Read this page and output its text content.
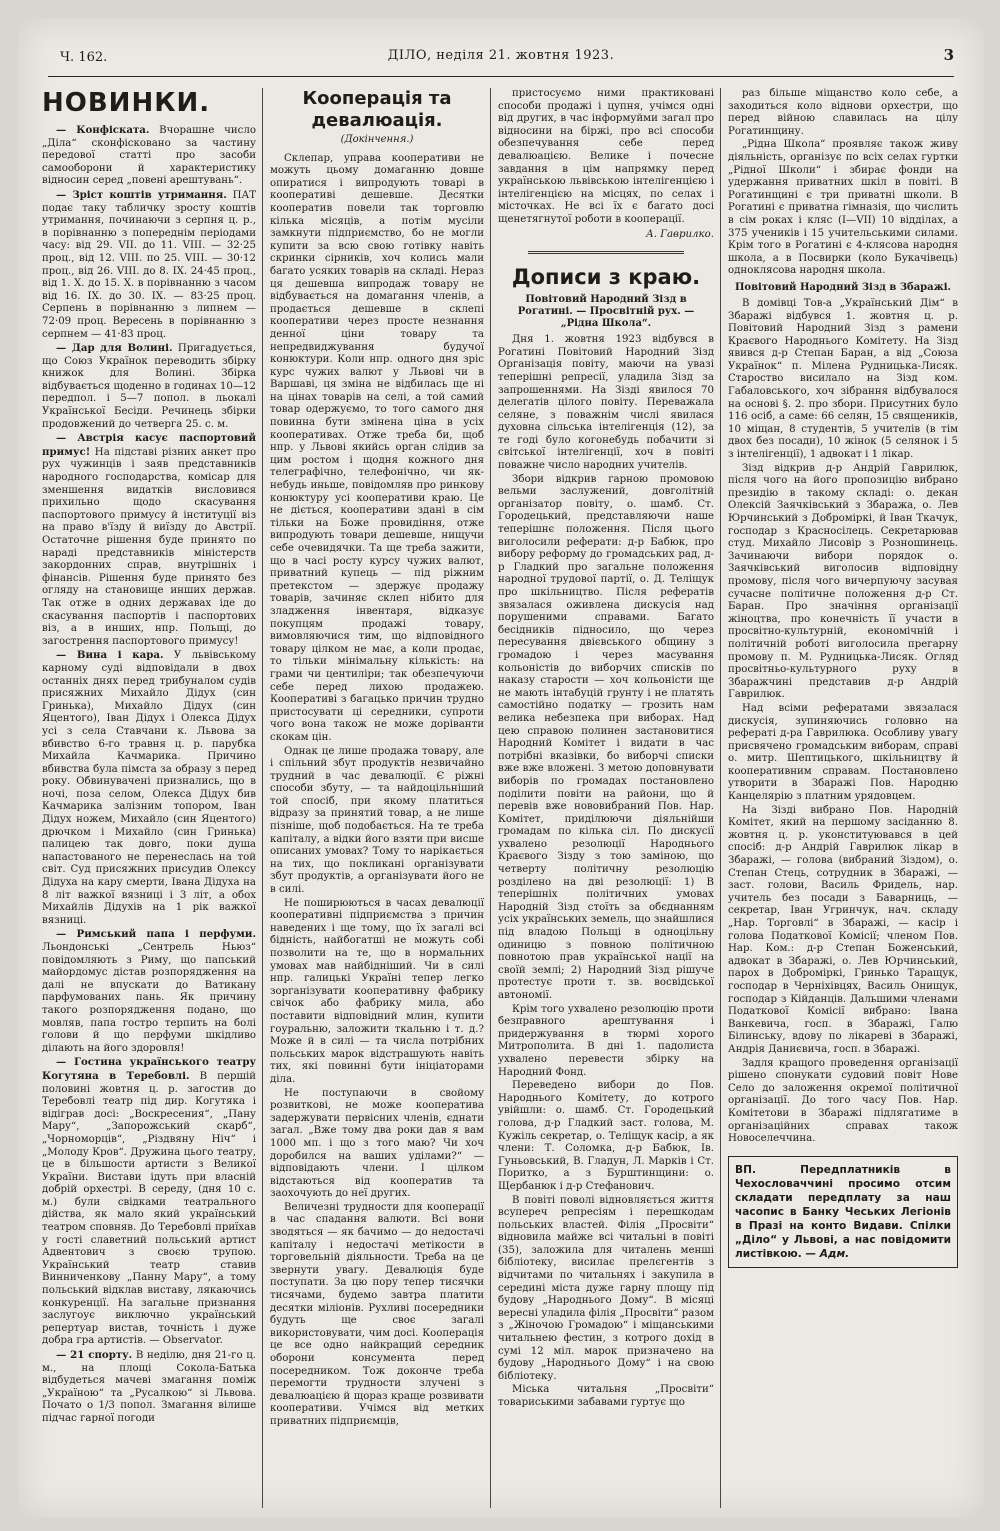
Ч. 162.	ДІЛО, неділя 21. жовтня 1923.	3
НОВИНКИ.

— Конфіската. Вчорашне число „Діла“ сконфісковано за частину передової статті про засоби самооборони й характеристику відносин серед „повені арештувань“.

— Зріст коштів утримання. ПАТ подає таку табличку зросту коштів утримання, починаючи з серпня ц. р., в порівнанню з попереднім періодами часу: від 29. VII. до 11. VIII. — 32·25 проц., від 12. VIII. по 25. VIII. — 30·12 проц., від 26. VIII. до 8. IX. 24·45 проц., від 1. X. до 15. X. в порівнанню з часом від 16. IX. до 30. IX. — 83·25 проц. Серпень в порівнанню з липнем — 72·09 проц. Вересень в порівнанню з серпнем — 41·83 проц.

— Дар для Волині. Пригадується, що Союз Українок переводить збірку книжок для Волині. Збірка відбувається щоденно в годинах 10—12 передпол. і 5—7 попол. в льокалі Української Бесіди. Речинець збірки продовжений до четверга 25. с. м.

— Австрія касує паспортовий примус! На підставі різних анкет про рух чужинців і заяв представників народного господарства, комісар для зменшення видатків висловився прихильно щодо скасування паспортового примусу й інституції віз на право в'їзду й виїзду до Австрії. Остаточне рішення буде принято по нараді представників міністерств закордонних справ, внутрішніх і фінансів. Рішення буде принято без огляду на становище инших держав. Так отже в одних державах іде до скасування паспортів і паспортових віз, а в инших, нпр. Польщі, до загострення паспортового примусу!

— Вина і кара. У львівському карному суді відповідали в двох останніх днях перед трибуналом судів присяжних Михайло Дідух (син Гринька), Михайло Дідух (син Яцентого), Іван Дідух і Олекса Дідух усі з села Ставчани к. Львова за вбивство 6-го травня ц. р. парубка Михайла Качмарика. Причино вбивства була пімста за образу з перед року. Обвинувачені признались, що в ночі, поза селом, Олекса Дідух бив Качмарика залізним топором, Іван Дідух ножем, Михайло (син Яцентого) дрючком і Михайло (син Гринька) палицею так довго, поки душа напастованого не перенеслась на той світ. Суд присяжних присудив Олексу Дідуха на кару смерти, Івана Дідуха на 8 літ важкої вязниці і 3 літ, а обох Михайлів Дідухів на 1 рік важкої вязниці.

— Римський папа і перфуми. Льондонські „Сентрель Ньюз“ повідомляють з Риму, що папський майордомус дістав розпорядження на далі не впускати до Ватикану парфумованих пань. Як причину такого розпорядження подано, що мовляв, папа гостро терпить на болі голови й що перфуми шкідливо ділають на його здоровля!

— Гостина українського театру Когутяна в Теребовлі. В першій половині жовтня ц. р. загостив до Теребовлі театр під дир. Когутяка і відіграв досі: „Воскресения“, „Пану Мару“, „Запорожський скарб“, „Чорноморців“, „Різдвяну Ніч“ і „Молоду Кров“. Дружина цього театру, це в більшости артисти з Великої України. Вистави ідуть при власній добрій орхестрі. В середу, (дня 10 с. м.) були свідками театрального дійства, як мало який український театром сповняв. До Теребовлі приїхав у гості славетний польський артист Адвентович з своєю трупою. Український театр ставив Винниченкову „Панну Мару“, а тому польський відклав виставу, лякаючись конкуренції. На загальне признання заслугоує виключно український репертуар вистав, точність і дуже добра гра артистів. — Observator.

— 21 спорту. В неділю, дня 21-го ц. м., на площі Сокола-Батька відбудеться мачеві змагання поміж „Україною“ та „Русалкою“ зі Львова. Почато о 1/3 попол. Змагання вілише підчас гарної погоди

Кооперація та девалюація.
(Докінчення.)

Склепар, управа кооперативи не можуть цьому домаганню довше опиратися і випродують товарі в кооперативі дешевше. Десятки кооператив повели так торговлю кілька місяців, а потім мусіли замкнути підприємство, бо не могли купити за всю свою готівку навіть скринки сірників, хоч колись мали багато усяких товарів на складі. Нераз ця дешевша випродаж товару не відбувається на домагання членів, а продається дешевше в склепі кооперативи через просте незнання денної ціни товару та непредвиджування будучої конюктури. Коли нпр. одного дня зріс курс чужих валют у Львові чи в Варшаві, ця зміна не відбилась ще ні на цінах товарів на селі, а той самий товар одержуємо, то того самого дня повинна бути змінена ціна в усіх кооперативах. Отже треба би, щоб нпр. у Львові якийсь орган слідив за цим ростом і щодня кожного дня телеграфічно, телефонічно, чи як-небудь иньше, повідомляв про ринкову конюктуру усі кооперативи краю. Це не діється, кооперативи здані в сім тільки на Боже провидіння, отже випродують товари дешевше, нищучи себе очевидячки. Та ще треба зажити, що в часі росту курсу чужих валют, приватний купець — під ріжним претекстом — здержує продажу товарів, зачиняє склеп нібито для зладження інвентаря, відказує покупцям продажі товару, вимовляючися тим, що відповідного товару цілком не має, а коли продає, то тільки мінімальну кількість: на грами чи центиліри; так обезпечуючи себе перед лихою продажею. Кооперативі з багацько причин трудно пристосувати ці середники, супроти чого вона також не може доріванти скокам цін.

Однак це лише продажа товару, але і спільний збут продуктів незвичайно трудний в час девалюції. Є ріжні способи збуту, — та найдоцільніший той спосіб, при якому платиться відразу за принятий товар, а не лише пізніше, щоб подобається. На те треба капіталу, а відки його взяти при висше описаних умовах? Тому то нарікається на тих, що покликані організувати збут продуктів, а організувати його не в силі.

Не поширюються в часах девалюції кооперативні підприємства з причин наведених і ще тому, що їх загалі всі бідність, найбогатші не можуть собі позволити на те, що в нормальних умовах мав найбідніший. Чи в силі нпр. галицькі Україні тепер легко зорганізувати кооперативну фабрику свічок або фабрику мила, або поставити відповідний млин, купити гоуральню, заложити ткальню і т. д.? Може й в силі — та числа потрібних польських марок відстрашують навіть тих, які повинні бути ініціаторами діла.

Не поступаючи в свойому розвиткові, не може кооператива задержувати первісних членів, єднати загал. „Вже тому два роки дав я вам 1000 мп. і що з того маю? Чи хоч доробился на ваших уділами?“ — відповідають члени. І цілком відстаються від кооператив та заохочують до неї других.

Величезні трудности для кооперації в час спадання валюти. Всі вони зводяться — як бачимо — до недостачі капіталу і недостачі метікости в торговельній діяльности. Треба на це звернути увагу. Девалюція буде поступати. За цю пору тепер тисячки тисячами, будемо завтра платити десятки міліонів. Рухливі посередники будуть ще своє загалі використовувати, чим досі. Кооперація це все одно найкращий середник оборони консумента перед посередником. Тож доконче треба перемогти трудности злучені з девалюацією й щораз краще розвивати кооперативи. Учімся від метких приватних підприємців,

пристосуємо ними практиковані способи продажі і цупня, учімся одні від других, в час інформуйми загал про відносини на біржі, про всі способи обезпечування себе перед девалюацією. Велике і почесне завдання в цім напрямку перед українською львівською інтелігенцією і інтелігенцією на місцях, по селах і місточках. Не всі їх є багато досі щенетягнутої роботи в кооперації.

А. Гаврилко.
Дописи з краю.
Повітовий Народний Зізд в Рогатині. — Просвітній рух. — „Рідна Школа“.

Дня 1. жовтня 1923 відбувся в Рогатині Повітовий Народний Зізд Організація повіту, маючи на увазі теперішні репресії, уладила Зізд за запрошеннями. На Зізді явилося 70 делегатів цілого повіту. Переважала селяне, з поважнім числі явилася духовна сільська інтелігенція (12), за те годі було когонебудь побачити зі світської інтелігенції, хоч в повіті поважне число народних учителів.

Збори відкрив гарною промовою вельми заслужений, довголітній організатор повіту, о. шамб. Ст. Городецький, представляючи наше теперішнє положення. Після цього виголосили реферати: д-р Бабюк, про вибору реформу до громадських рад, д-р Гладкий про загальне положення народної трудової партії, о. Д. Теліщук про шкільництво. Після рефератів звязалася оживлена дискусія над порушеними справами. Багато бесідників підносило, що через пересування двієвського общину з громадою і через масування кольоністів до виборчих списків по наказу старости — хоч кольоністи ще не мають інтабуцій грунту і не платять самостійно податку — грозить нам велика небезпека при виборах. Над цею справою полинен застановитися Народний Комітет і видати в час потрібні вказівки, бо виборчі списки вже вже вложені. З метою доповнувати виборів по громадах постановлено поділити повіти на райони, що й перевів вже нововибраний Пов. Нар. Комітет, приділюючи діяльнійши громадам по кілька сіл. По дискусії ухвалено резолюції Народнього Краєвого Зізду з тою заміною, що четверту політичну резолюцію розділено на дві резолюції: 1) В теперішніх політичних умовах Народній Зізд стоїть за обєднанням усіх українських земель, що знайшлися під владою Польщі в одноцільну одиницю з повною політичною повнотою прав української нації на своїй землі; 2) Народний Зізд рішуче протестує проти т. зв. восвідської автономії.

Крім того ухвалено резолюцію проти безправного арештування і придержування в тюрмі хорого Митрополита. В дні 1. падолиста ухвалено перевести збірку на Народний Фонд.

Переведено вибори до Пов. Народнього Комітету, до котрого увійшли: о. шамб. Ст. Городецький голова, д-р Гладкий заст. голова, М. Кужіль секретар, о. Теліщук касір, а як члени: Т. Соломка, д-р Бабюк, Ів. Гуньовський, В. Гладун, Л. Марків і Ст. Поритко, а з Бурштинщини: о. Щербанюк і д-р Стефанович.

В повіті поволі відновляється життя всупереч репресіям і перешкодам польських властей. Філія „Просвіти“ відновила майже всі читальні в повіті (35), заложила для читалень менші бібліотеку, висилає прелєгентів з відчитами по читальнях і закупила в середині міста дуже гарну площу під будову „Народнього Дому“. В місяці вересні уладила філія „Просвіти“ разом з „Жіночою Громадою“ і міщанськими читальнею фестин, з котрого дохід в сумі 12 міл. марок призначено на будову „Народнього Дому“ і на свою бібліотеку.

Міська читальня „Просвіти“ товариськими забавами гуртує що

раз більше міщанство коло себе, а заходиться коло віднови орхестри, що перед війною славилась на цілу Рогатинщину.

„Рідна Школа“ проявляє також живу діяльність, організує по всіх селах гуртки „Рідної Школи“ і збирає фонди на удержання приватних шкіл в повіті. В Рогатинщині є три приватні школи. В Рогатині є приватна гімназія, що числить в сім роках і кляс (I—VII) 10 відділах, а 375 учеників і 15 учительськими силами. Крім того в Рогатині є 4-клясова народня школа, а в Посвирки (коло Букачівець) одноклясова народня школа.

Повітовий Народний Зізд в Збаражі.

В домівці Тов-а „Український Дім“ в Збаражі відбувся 1. жовтня ц. р. Повітовий Народний Зізд з рамени Краєвого Народнього Комітету. На Зізд явився д-р Степан Баран, а від „Союза Українок“ п. Мілена Рудницька-Лисяк. Староство висилало на Зізд ком. Габаловського, хоч зібрання відбувалося на основі §. 2. про збори. Присутних було 116 осіб, а саме: 66 селян, 15 священиків, 10 міщан, 8 студентів, 5 учителів (в тім двох без посади), 10 жінок (5 селянок і 5 з інтелігенції), 1 адвокат і 1 лікар.

Зізд відкрив д-р Андрій Гаврилюк, після чого на його пропозицію вибрано президію в такому складі: о. декан Олексій Заячківський з Збаража, о. Лев Юрчинський з Доброміркі, й Іван Ткачук, господар з Красносілець. Секретарював студ. Михайло Лисовір з Розношинець. Зачинаючи вибори порядок о. Заячківський виголосив відповідну промову, після чого вичерпуючу засувая сучасне політичне положення д-р Ст. Баран. Про значіння організації жіноцтва, про конечність її участи в просвітно-культурній, економічній і політичній роботі виголосила прегарну промову п. М. Рудницька-Лисяк. Огляд просвітньо-культурного руху в Збаражчині представив д-р Андрій Гаврилюк.

Над всіми рефератами звязалася дискусія, зупиняючись головно на рефераті д-ра Гаврилюка. Особливу увагу присвячено громадським виборам, справі о. митр. Шептицького, шкільництву й кооперативним справам. Постановлено утворити в Збаражі Пов. Народню Канцелярію з платним урядовцем.

На Зізді вибрано Пов. Народній Комітет, який на першому засіданню 8. жовтня ц. р. уконституювався в цей спосіб: д-р Андрій Гаврилюк лікар в Збаражі, — голова (вибраний Зіздом), о. Степан Стець, сотрудник в Збаражі, — заст. голови, Василь Фридель, нар. учитель без посади з Баварниць, — секретар, Іван Угринчук, нач. складу „Нар. Торговлі“ в Збаражі, — касір і голова Податкової Комісії; членом Пов. Нар. Ком.: д-р Степан Боженський, адвокат в Збаражі, о. Лев Юрчинський, парох в Доброміркі, Гринько Таращук, господар в Черніхівцях, Василь Онищук, господар з Кійданців. Дальшими членами Податкової Комісії вибрано: Івана Ванкевича, госп. в Збаражі, Галю Білинську, вдову по лікареві в Збаражі, Андрія Даниєвича, госп. в Збаражі.

Задля кращого проведення організації рішено спонукати судовий повіт Нове Село до заложення окремої політичної організації. До того часу Пов. Нар. Комітетови в Збаражі підлягатиме в організаційних справах також Новоселеччина.

ВП. Передплатників в Чехословаччині просимо отсим складати передплату за наш часопис в Банку Чеських Легіонів в Празі на конто Видави. Спілки „Діло“ у Львові, а нас повідомити листівкою. — Адм.
